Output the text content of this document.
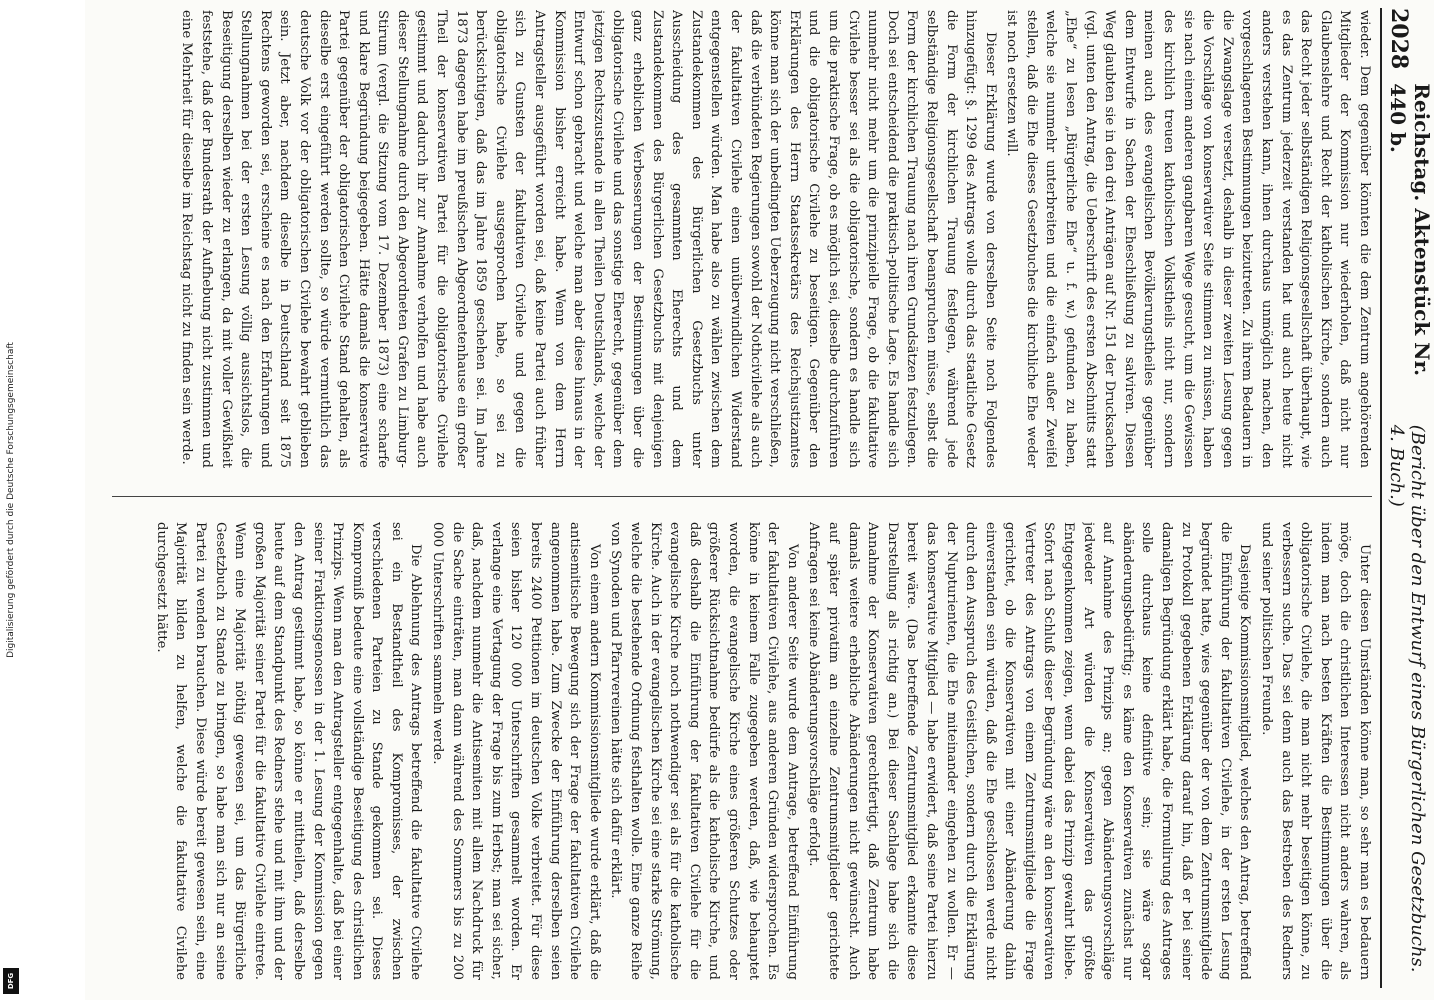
Digitalisierung gefördert durch die Deutsche Forschungsgemeinschaft
DFG
2028
Reichstag. Aktenstück Nr. 440 b.
(Bericht über den Entwurf eines Bürgerlichen Gesetzbuchs. 4. Buch.)

wieder. Dem gegenüber könnten die dem Zentrum angehörenden Mitglieder der Kommission nur wiederholen, daß nicht nur Glaubenslehre und Recht der katholischen Kirche, sondern auch das Recht jeder selbständigen Religionsgesellschaft überhaupt, wie es das Zentrum jederzeit verstanden hat und auch heute nicht anders verstehen kann, ihnen durchaus unmöglich machen, den vorgeschlagenen Bestimmungen beizutreten. Zu ihrem Bedauern in die Zwangslage versetzt, deshalb in dieser zweiten Lesung gegen die Vorschläge von konservativer Seite stimmen zu müssen, haben sie nach einem anderen gangbaren Wege gesucht, um die Gewissen des kirchlich treuen katholischen Volkstheils nicht nur, sondern meinen auch des evangelischen Bevölkerungstheiles gegenüber dem Entwurfe in Sachen der Eheschließung zu salviren. Diesen Weg glaubten sie in den drei Anträgen auf Nr. 151 der Drucksachen (vgl. unten den Antrag, die Ueberschrift des ersten Abschnitts statt „Ehe“ zu lesen „Bürgerliche Ehe“ u. f. w.) gefunden zu haben, welche sie nunmehr unterbreiten und die einfach außer Zweifel stellen, daß die Ehe dieses Gesetzbuches die kirchliche Ehe weder ist noch ersetzen will.

Dieser Erklärung wurde von derselben Seite noch Folgendes hinzugefügt: §. 1299 des Antrags wolle durch das staatliche Gesetz die Form der kirchlichen Trauung festlegen, während jede selbständige Religionsgesellschaft beanspruchen müsse, selbst die Form der kirchlichen Trauung nach ihren Grundsätzen festzulegen. Doch sei entscheidend die praktisch-politische Lage. Es handle sich nunmehr nicht mehr um die prinzipielle Frage, ob die fakultative Civilehe besser sei als die obligatorische, sondern es handle sich um die praktische Frage, ob es möglich sei, dieselbe durchzuführen und die obligatorische Civilehe zu beseitigen. Gegenüber den Erklärungen des Herrn Staatssekretärs des Reichsjustizamtes könne man sich der unbedingten Ueberzeugung nicht verschließen, daß die verbündeten Regierungen sowohl der Nothcivilehe als auch der fakultativen Civilehe einen unüberwindlichen Widerstand entgegenstellen würden. Man habe also zu wählen zwischen dem Zustandekommen des Bürgerlichen Gesetzbuchs unter Ausscheidung des gesammten Eherechts und dem Zustandekommen des Bürgerlichen Gesetzbuchs mit denjenigen ganz erheblichen Verbesserungen der Bestimmungen über die obligatorische Civilehe und das sonstige Eherecht, gegenüber dem jetzigen Rechtszustande in allen Theilen Deutschlands, welche der Entwurf schon gebracht und welche man aber diese hinaus in der Kommission bisher erreicht habe. Wenn von dem Herrn Antragsteller ausgeführt worden sei, daß keine Partei auch früher sich zu Gunsten der fakultativen Civilehe und gegen die obligatorische Civilehe ausgesprochen habe, so sei zu berücksichtigen, daß das im Jahre 1859 geschehen sei. Im Jahre 1873 dagegen habe im preußischen Abgeordnetenhause ein großer Theil der konservativen Partei für die obligatorische Civilehe gestimmt und dadurch ihr zur Annahme verholfen und habe auch dieser Stellungnahme durch den Abgeordneten Grafen zu Limburg-Stirum (vergl. die Sitzung vom 17. Dezember 1873) eine scharfe und klare Begründung beigegeben. Hätte damals die konservative Partei gegenüber der obligatorischen Civilehe Stand gehalten, als dieselbe erst eingeführt werden sollte, so würde vermuthlich das deutsche Volk vor der obligatorischen Civilehe bewahrt geblieben sein. Jetzt aber, nachdem dieselbe in Deutschland seit 1875 Rechtens geworden sei, erscheine es nach den Erfahrungen und Stellungnahmen bei der ersten Lesung völlig aussichtslos, die Beseitigung derselben wieder zu erlangen, da mit voller Gewißheit feststehe, daß der Bundesrath der Aufhebung nicht zustimmen und eine Mehrheit für dieselbe im Reichstag nicht zu finden sein werde.

Unter diesen Umständen könne man, so sehr man es bedauern möge, doch die christlichen Interessen nicht anders wahren, als indem man nach besten Kräften die Bestimmungen über die obligatorische Civilehe, die man nicht mehr beseitigen könne, zu verbessern suche. Das sei denn auch das Bestreben des Redners und seiner politischen Freunde.

Dasjenige Kommissionsmitglied, welches den Antrag, betreffend die Einführung der fakultativen Civilehe, in der ersten Lesung begründet hatte, wies gegenüber der von dem Zentrumsmitgliede zu Protokoll gegebenen Erklärung darauf hin, daß er bei seiner damaligen Begründung erklärt habe, die Formulirung des Antrages solle durchaus keine definitive sein; sie wäre sogar abänderungsbedürftig; es käme den Konservativen zunächst nur auf Annahme des Prinzips an; gegen Abänderungsvorschläge jedweder Art würden die Konservativen das größte Entgegenkommen zeigen, wenn dabei das Prinzip gewahrt bliebe. Sofort nach Schluß dieser Begründung wäre an den konservativen Vertreter des Antrags von einem Zentrumsmitgliede die Frage gerichtet, ob die Konservativen mit einer Abänderung dahin einverstanden sein würden, daß die Ehe geschlossen werde nicht durch den Ausspruch des Geistlichen, sondern durch die Erklärung der Nupturienten, die Ehe miteinander eingehen zu wollen. Er — das konservative Mitglied — habe erwidert, daß seine Partei hierzu bereit wäre. (Das betreffende Zentrumsmitglied erkannte diese Darstellung als richtig an.) Bei dieser Sachlage habe sich die Annahme der Konservativen gerechtfertigt, daß Zentrum habe damals weitere erhebliche Abänderungen nicht gewünscht. Auch auf später privatim an einzelne Zentrumsmitglieder gerichtete Anfragen sei keine Abänderungsvorschläge erfolgt.

Von anderer Seite wurde dem Antrage, betreffend Einführung der fakultativen Civilehe, aus anderen Gründen widersprochen. Es könne in keinem Falle zugegeben werden, daß, wie behauptet worden, die evangelische Kirche eines größeren Schutzes oder größerer Rücksichtnahme bedürfe als die katholische Kirche, und daß deshalb die Einführung der fakultativen Civilehe für die evangelische Kirche noch nothwendiger sei als für die katholische Kirche. Auch in der evangelischen Kirche sei eine starke Strömung, welche die bestehende Ordnung festhalten wolle. Eine ganze Reihe von Synoden und Pfarrvereinen hätte sich dafür erklärt.

Von einem andern Kommissionsmitgliede wurde erklärt, daß die antisemitische Bewegung sich der Frage der fakultativen Civilehe angenommen habe. Zum Zwecke der Einführung derselben seien bereits 2400 Petitionen im deutschen Volke verbreitet. Für diese seien bisher 120 000 Unterschriften gesammelt worden. Er verlange eine Vertagung der Frage bis zum Herbst; man sei sicher, daß, nachdem nunmehr die Antisemiten mit allem Nachdruck für die Sache einträten, man dann während des Sommers bis zu 200 000 Unterschriften sammeln werde.

Die Ablehnung des Antrags betreffend die fakultative Civilehe sei ein Bestandtheil des Kompromisses, der zwischen verschiedenen Parteien zu Stande gekommen sei. Dieses Kompromiß bedeute eine vollständige Beseitigung des christlichen Prinzips. Wenn man den Antragsteller entgegenhalte, daß bei einer seiner Fraktionsgenossen in der 1. Lesung der Kommission gegen den Antrag gestimmt habe, so könne er mittheilen, daß derselbe heute auf dem Standpunkt des Redners stehe und mit ihm und der großen Majorität seiner Partei für die fakultative Civilehe eintrete. Wenn eine Majorität nöthig gewesen sei, um das Bürgerliche Gesetzbuch zu Stande zu bringen, so habe man sich nur an seine Partei zu wenden brauchen. Diese würde bereit gewesen sein, eine Majorität bilden zu helfen, welche die fakultative Civilehe durchgesetzt hätte.
